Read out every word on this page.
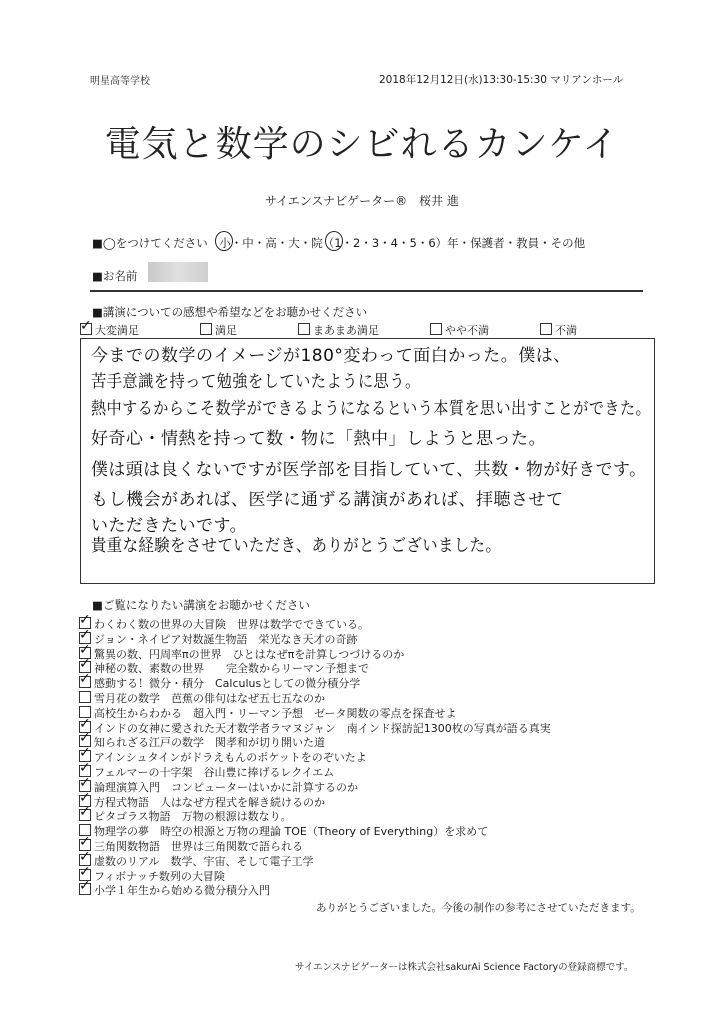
明星高等学校	2018年12月12日(水)13:30-15:30 マリアンホール
電気と数学のシビれるカンケイ
サイエンスナビゲーター®　桜井 進
■◯をつけてください　小・中・高・大・院（1・2・3・4・5・6）年・保護者・教員・その他
■お名前
■講演についての感想や希望などをお聴かせください
✓大変満足	満足	まあまあ満足	やや不満	不満
今までの数学のイメージが180°変わって面白かった。僕は、
苦手意識を持って勉強をしていたように思う。
熱中するからこそ数学ができるようになるという本質を思い出すことができた。
好奇心・情熱を持って数・物に「熱中」しようと思った。
僕は頭は良くないですが医学部を目指していて、共数・物が好きです。
もし機会があれば、医学に通ずる講演があれば、拝聴させて
いただきたいです。
貴重な経験をさせていただき、ありがとうございました。
■ご覧になりたい講演をお聴かせください
✓わくわく数の世界の大冒険　世界は数学でできている。
✓ジョン・ネイピア対数誕生物語　栄光なき天才の奇跡
✓驚異の数、円周率πの世界　ひとはなぜπを計算しつづけるのか
✓神秘の数、素数の世界　　完全数からリーマン予想まで
✓感動する！微分・積分　Calculusとしての微分積分学
雪月花の数学　芭蕉の俳句はなぜ五七五なのか
高校生からわかる　超入門・リーマン予想　ゼータ関数の零点を探査せよ
✓インドの女神に愛された天才数学者ラマヌジャン　南インド探訪記1300枚の写真が語る真実
✓知られざる江戸の数学　関孝和が切り開いた道
✓アインシュタインがドラえもんのポケットをのぞいたよ
✓フェルマーの十字架　谷山豊に捧げるレクイエム
✓論理演算入門　コンピューターはいかに計算するのか
✓方程式物語　人はなぜ方程式を解き続けるのか
✓ピタゴラス物語　万物の根源は数なり。
物理学の夢　時空の根源と万物の理論 TOE（Theory of Everything）を求めて
✓三角関数物語　世界は三角関数で語られる
✓虚数のリアル　数学、宇宙、そして電子工学
✓フィボナッチ数列の大冒険
✓小学１年生から始める微分積分入門
ありがとうございました。今後の制作の参考にさせていただきます。
サイエンスナビゲーターは株式会社sakurAi Science Factoryの登録商標です。
